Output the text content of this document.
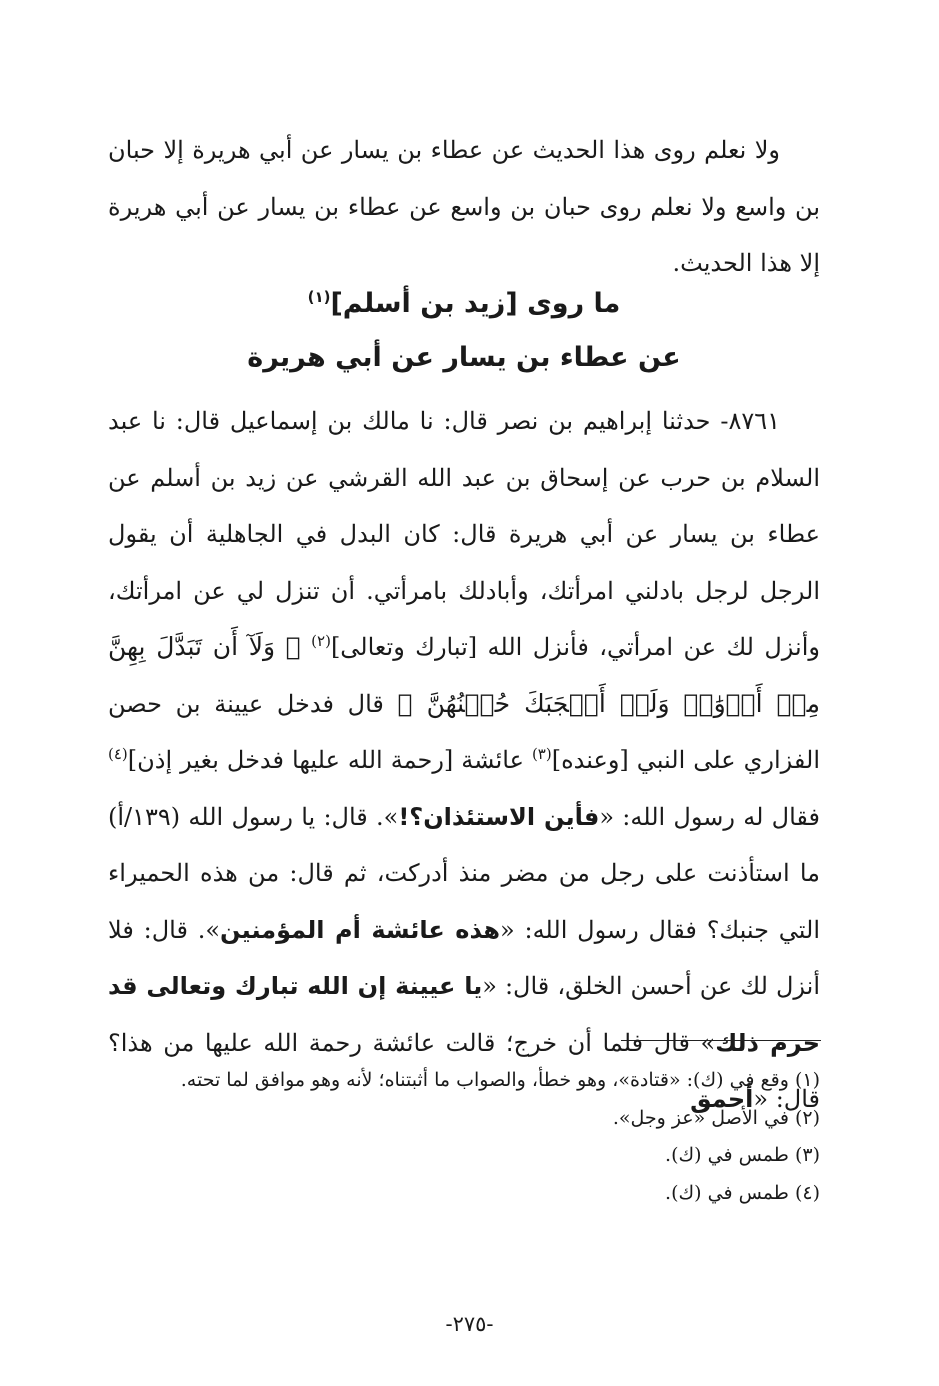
ولا نعلم روى هذا الحديث عن عطاء بن يسار عن أبي هريرة إلا حبان بن واسع ولا نعلم روى حبان بن واسع عن عطاء بن يسار عن أبي هريرة إلا هذا الحديث.

ما روى [زيد بن أسلم]$^{(١)}$
عن عطاء بن يسار عن أبي هريرة

٨٧٦١- حدثنا إبراهيم بن نصر قال: نا مالك بن إسماعيل قال: نا عبد السلام بن حرب عن إسحاق بن عبد الله القرشي عن زيد بن أسلم عن عطاء بن يسار عن أبي هريرة قال: كان البدل في الجاهلية أن يقول الرجل لرجل بادلني امرأتك، وأبادلك بامرأتي. أن تنزل لي عن امرأتك، وأنزل لك عن امرأتي، فأنزل الله [تبارك وتعالى]$^{(٢)}$ ﴿ وَلَآ أَن تَبَدَّلَ بِهِنَّ مِنۡ أَزۡوَٰجٖ وَلَوۡ أَعۡجَبَكَ حُسۡنُهُنَّ ﴾ قال فدخل عيينة بن حصن الفزاري على النبي [وعنده]$^{(٣)}$ عائشة [رحمة الله عليها فدخل بغير إذن]$^{(٤)}$ فقال له رسول الله: «فأين الاستئذان؟!». قال: يا رسول الله (١٣٩/أ) ما استأذنت على رجل من مضر منذ أدركت، ثم قال: من هذه الحميراء التي جنبك؟ فقال رسول الله: «هذه عائشة أم المؤمنين». قال: فلا أنزل لك عن أحسن الخلق، قال: «يا عيينة إن الله تبارك وتعالى قد حرم ذلك» قال فلما أن خرج؛ قالت عائشة رحمة الله عليها من هذا؟ قال: «أحمق

(١) وقع في (ك): «قتادة»، وهو خطأ، والصواب ما أثبتناه؛ لأنه وهو موافق لما تحته.
(٢) في الأصل «عز وجل».
(٣) طمس في (ك).
(٤) طمس في (ك).
-٢٧٥-
